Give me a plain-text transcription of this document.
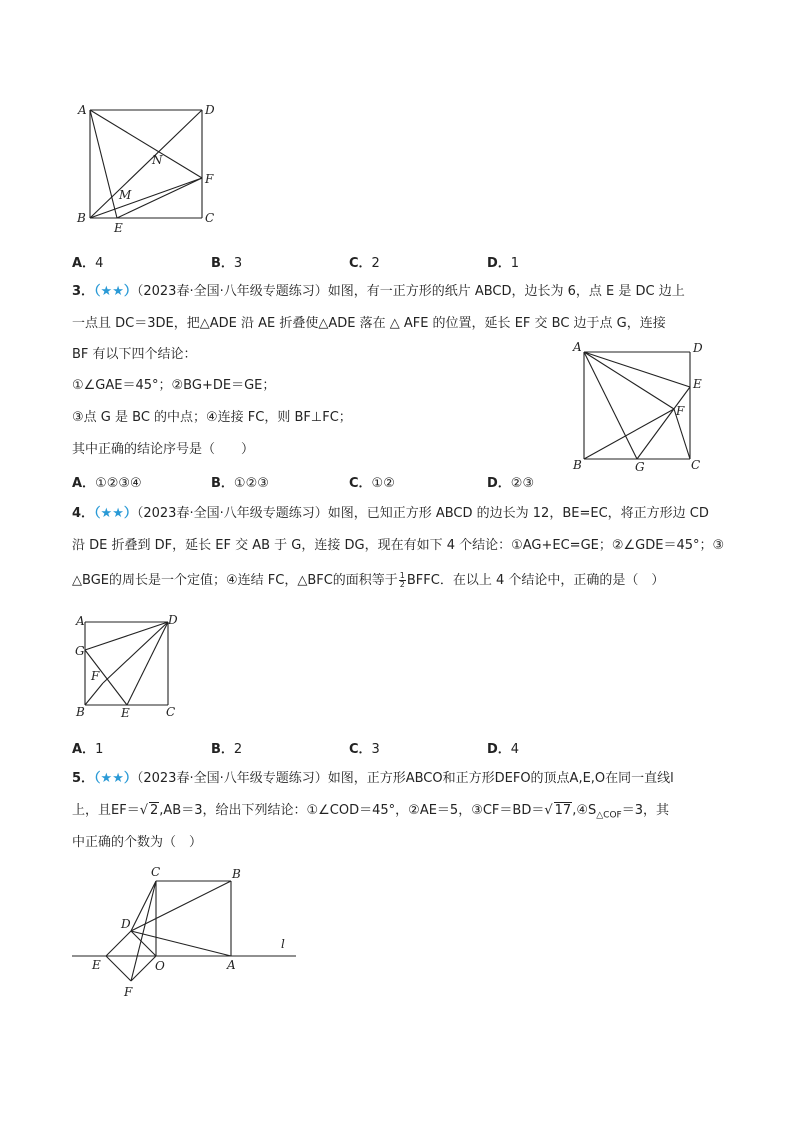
A	D
N
F
M
B
E
C
A．4	B．3	C．2	D．1
3．（★★）（2023春·全国·八年级专题练习）如图，有一正方形的纸片 ABCD，边长为 6，点 E 是 DC 边上
一点且 DC＝3DE，把△ADE 沿 AE 折叠使△ADE 落在 △ AFE 的位置，延长 EF 交 BC 边于点 G，连接
BF 有以下四个结论：
①∠GAE＝45°；②BG+DE＝GE；
③点 G 是 BC 的中点；④连接 FC，则 BF⊥FC；
其中正确的结论序号是（　　）
A	D
E
F
B	G	C
A．①②③④	B．①②③	C．①②	D．②③
4．（★★）（2023春·全国·八年级专题练习）如图，已知正方形 ABCD 的边长为 12，BE=EC，将正方形边 CD
沿 DE 折叠到 DF，延长 EF 交 AB 于 G，连接 DG，现在有如下 4 个结论：①AG+EC=GE；②∠GDE＝45°；③
△BGE的周长是一个定值；④连结 FC，△BFC的面积等于 $\frac{1}{2}$ BFFC．在以上 4 个结论中，正确的是（　）
A	D
G
F
B	E	C
A．1	B．2	C．3	D．4
5．（★★）（2023春·全国·八年级专题练习）如图，正方形ABCO和正方形DEFO的顶点A,E,O在同一直线l
上，且EF＝√ 2,AB＝3，给出下列结论：①∠COD＝45°，②AE＝5，③CF＝BD＝√ $17,④S_{\triangle COF}=3$，其
中正确的个数为（　）
C	B
D
l
E	O	A
F
